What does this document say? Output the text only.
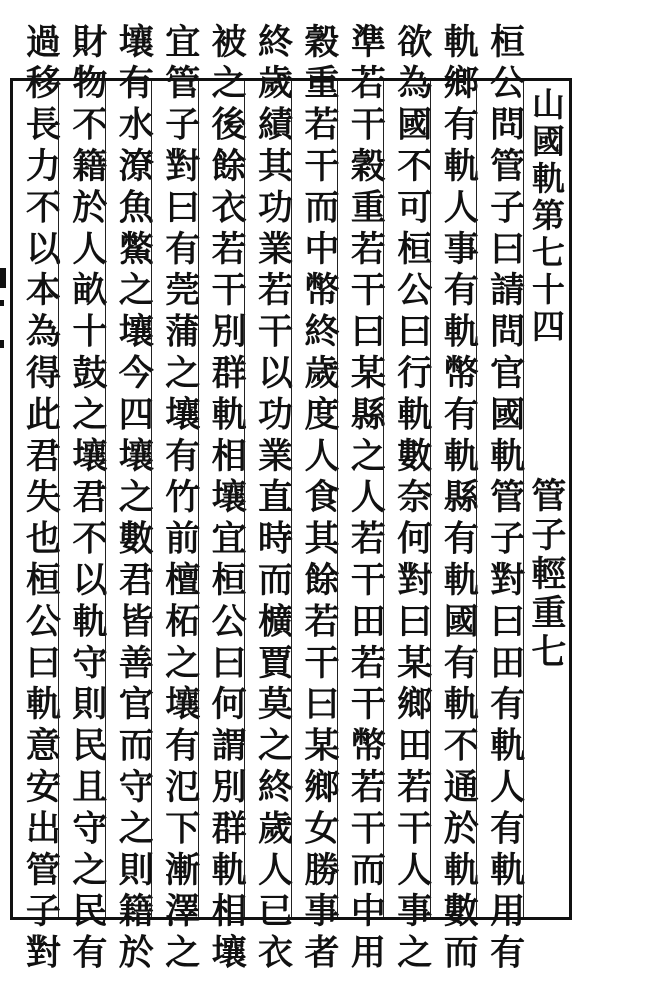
過移長力不以本為得此君失也桓公曰軌意安出管子對 財物不籍於人畝十鼓之壤君不以軌守則民且守之民有 壤有水潦魚鱉之壤今四壤之數君皆善官而守之則籍於 宜管子對曰有莞蒲之壤有竹前檀柘之壤有氾下漸澤之 被之後餘衣若干別群軌相壤宜桓公曰何謂別群軌相壤 終歲績其功業若干以功業直時而櫎賈莫之終歲人已衣 穀重若干而中幣終歲度人食其餘若干曰某鄉女勝事者 準若干穀重若干曰某縣之人若干田若干幣若干而中用 欲為國不可桓公曰行軌數奈何對曰某鄉田若干人事之 軌鄉有軌人事有軌幣有軌縣有軌國有軌不通於軌數而 桓公問管子曰請問官國軌管子對曰田有軌人有軌用有 山國軌第七十四
管子輕重七
